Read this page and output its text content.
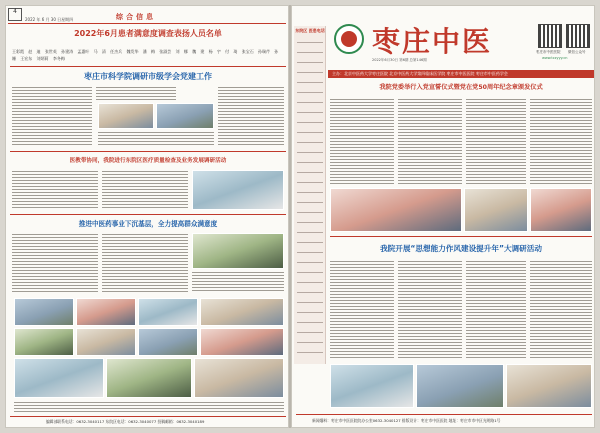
4
2022 年 6 月 30 日星期四	综合信息
2022年6月患者满意度调查表扬人员名单
王彩霞 赵 迪 张世英 孙建涛 孟惠叶 马 清 任杰兵 魏发华 潘 梅 张淑芸 刘 娜 魏 建 杨 宇 付 琦 张宝石 孙瑞芹 孙 姗 王宏东 刘炳莉 李冬梅
枣庄市科学院调研市级学会党建工作
医教带协同，我院进行东院区医疗质量检查及业务发展调研活动
推进中医药事业下沉基层，全力提高群众满意度
编辑部联系电话：0632-3040117 东院区电话：0632-3040077 投稿邮箱：0632-3040189
东院区 医患电话 枣庄中医
2022年6月30日 第6期 总第146期
枣庄市中医医院 微信公众号
www.tczyyy.cn
主办：北京中医药大学枣庄医院 北京中医药大学第四临床医学院 枣庄市中医医院 枣庄市中医药学会
我院党委举行入党宣誓仪式暨党在党50周年纪念章颁发仪式
我院开展“思想能力作风建设提升年”大调研活动
新闻爆料：枣庄市中医医院院办公室0632-3040127 排版设计：枣庄市中医医院 地址：枣庄市市中区光明路1号
